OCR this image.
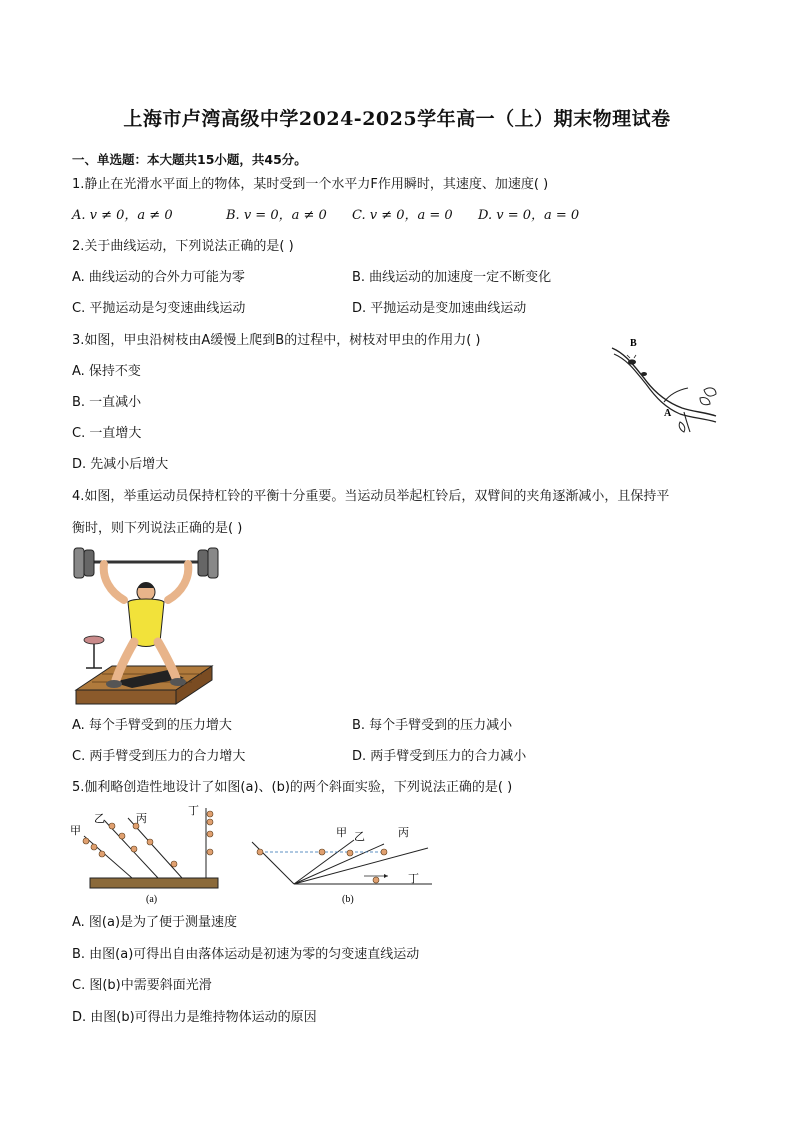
上海市卢湾高级中学2024-2025学年高一（上）期末物理试卷
一、单选题：本大题共15小题，共45分。
1.静止在光滑水平面上的物体，某时受到一个水平力F作用瞬时，其速度、加速度( )
A. v ≠ 0，a ≠ 0	B. v = 0，a ≠ 0 C. v ≠ 0，a = 0 D. v = 0，a = 0
2.关于曲线运动，下列说法正确的是( )
A. 曲线运动的合外力可能为零	B. 曲线运动的加速度一定不断变化
C. 平抛运动是匀变速曲线运动	D. 平抛运动是变加速曲线运动
3.如图，甲虫沿树枝由A缓慢上爬到B的过程中，树枝对甲虫的作用力( )
A. 保持不变
B. 一直减小
C. 一直增大
D. 先减小后增大
B
A
4.如图，举重运动员保持杠铃的平衡十分重要。当运动员举起杠铃后，双臂间的夹角逐渐减小，且保持平
衡时，则下列说法正确的是( )
A. 每个手臂受到的压力增大	B. 每个手臂受到的压力减小
C. 两手臂受到压力的合力增大	D. 两手臂受到压力的合力减小
5.伽利略创造性地设计了如图(a)、(b)的两个斜面实验，下列说法正确的是( )
甲
乙	丙
丁
(a)
甲 乙	丙
丁
(b)
A. 图(a)是为了便于测量速度
B. 由图(a)可得出自由落体运动是初速为零的匀变速直线运动
C. 图(b)中需要斜面光滑
D. 由图(b)可得出力是维持物体运动的原因
